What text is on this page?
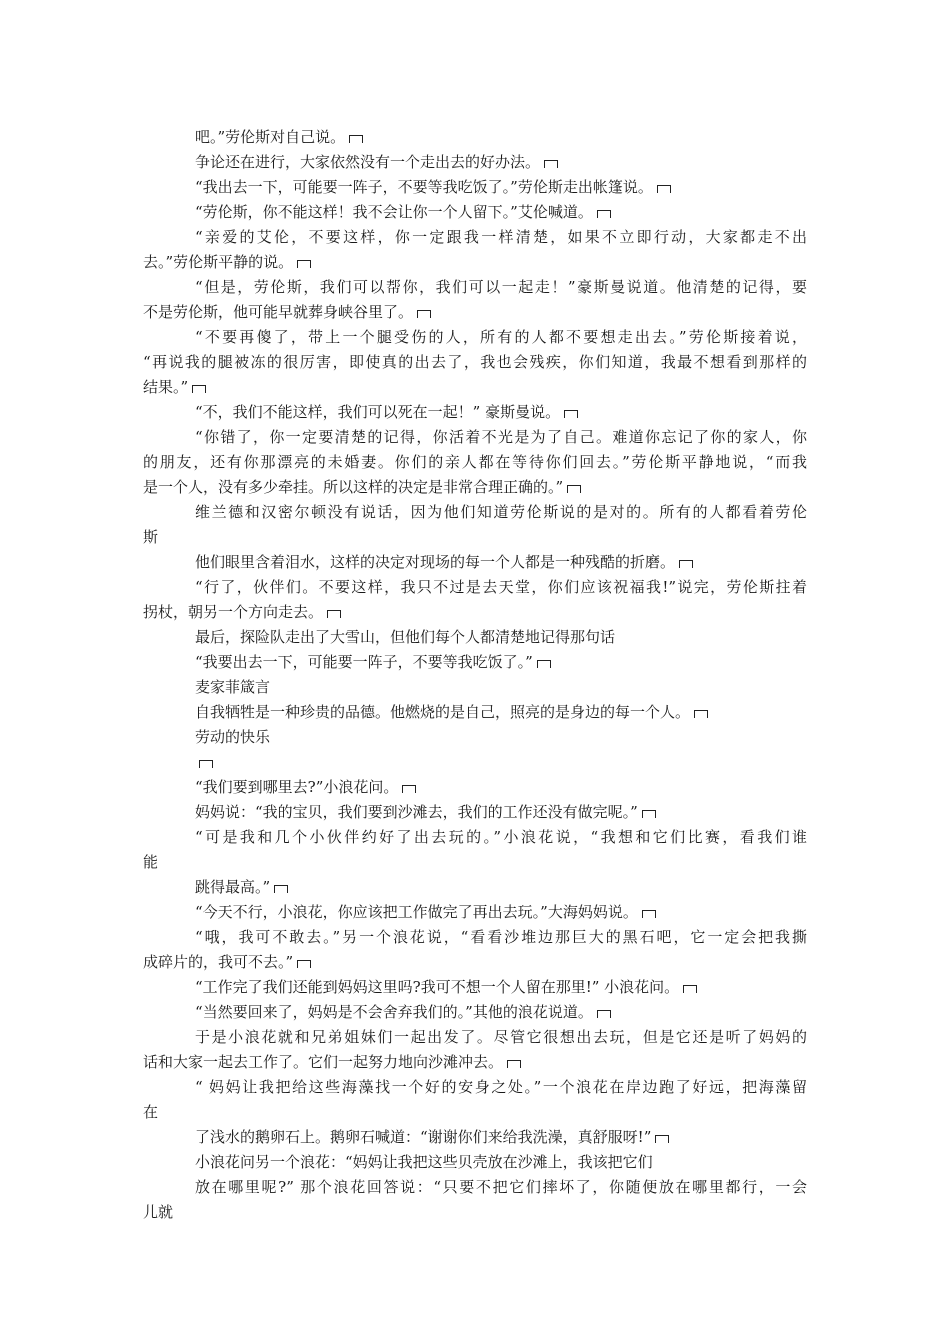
吧。”劳伦斯对自己说。
争论还在进行，大家依然没有一个走出去的好办法。
“我出去一下，可能要一阵子，不要等我吃饭了。”劳伦斯走出帐篷说。
“劳伦斯，你不能这样！我不会让你一个人留下。”艾伦喊道。
“亲爱的艾伦，不要这样，你一定跟我一样清楚，如果不立即行动，大家都走不出
去。”劳伦斯平静的说。
“但是，劳伦斯，我们可以帮你，我们可以一起走！”豪斯曼说道。他清楚的记得，要
不是劳伦斯，他可能早就葬身峡谷里了。
“不要再傻了，带上一个腿受伤的人，所有的人都不要想走出去。”劳伦斯接着说，
“再说我的腿被冻的很厉害，即使真的出去了，我也会残疾，你们知道，我最不想看到那样的
结果。”
“不，我们不能这样，我们可以死在一起！” 豪斯曼说。
“你错了，你一定要清楚的记得，你活着不光是为了自己。难道你忘记了你的家人，你
的朋友，还有你那漂亮的未婚妻。你们的亲人都在等待你们回去。”劳伦斯平静地说，“而我
是一个人，没有多少牵挂。所以这样的决定是非常合理正确的。”
维兰德和汉密尔顿没有说话，因为他们知道劳伦斯说的是对的。所有的人都看着劳伦
斯
他们眼里含着泪水，这样的决定对现场的每一个人都是一种残酷的折磨。
“行了，伙伴们。不要这样，我只不过是去天堂，你们应该祝福我!”说完，劳伦斯拄着
拐杖，朝另一个方向走去。
最后，探险队走出了大雪山，但他们每个人都清楚地记得那句话
“我要出去一下，可能要一阵子，不要等我吃饭了。”
麦家菲箴言
自我牺牲是一种珍贵的品德。他燃烧的是自己，照亮的是身边的每一个人。
劳动的快乐
“我们要到哪里去?”小浪花问。
妈妈说：“我的宝贝，我们要到沙滩去，我们的工作还没有做完呢。”
“可是我和几个小伙伴约好了出去玩的。”小浪花说，“我想和它们比赛，看我们谁
能
跳得最高。”
“今天不行，小浪花，你应该把工作做完了再出去玩。”大海妈妈说。
“哦，我可不敢去。”另一个浪花说，“看看沙堆边那巨大的黑石吧，它一定会把我撕
成碎片的，我可不去。”
“工作完了我们还能到妈妈这里吗?我可不想一个人留在那里!” 小浪花问。
“当然要回来了，妈妈是不会舍弃我们的。”其他的浪花说道。
于是小浪花就和兄弟姐妹们一起出发了。尽管它很想出去玩，但是它还是听了妈妈的
话和大家一起去工作了。它们一起努力地向沙滩冲去。
“ 妈妈让我把给这些海藻找一个好的安身之处。”一个浪花在岸边跑了好远，把海藻留
在
了浅水的鹅卵石上。鹅卵石喊道：“谢谢你们来给我洗澡，真舒服呀!”
小浪花问另一个浪花：“妈妈让我把这些贝壳放在沙滩上，我该把它们
放在哪里呢?” 那个浪花回答说：“只要不把它们摔坏了，你随便放在哪里都行，一会
儿就
